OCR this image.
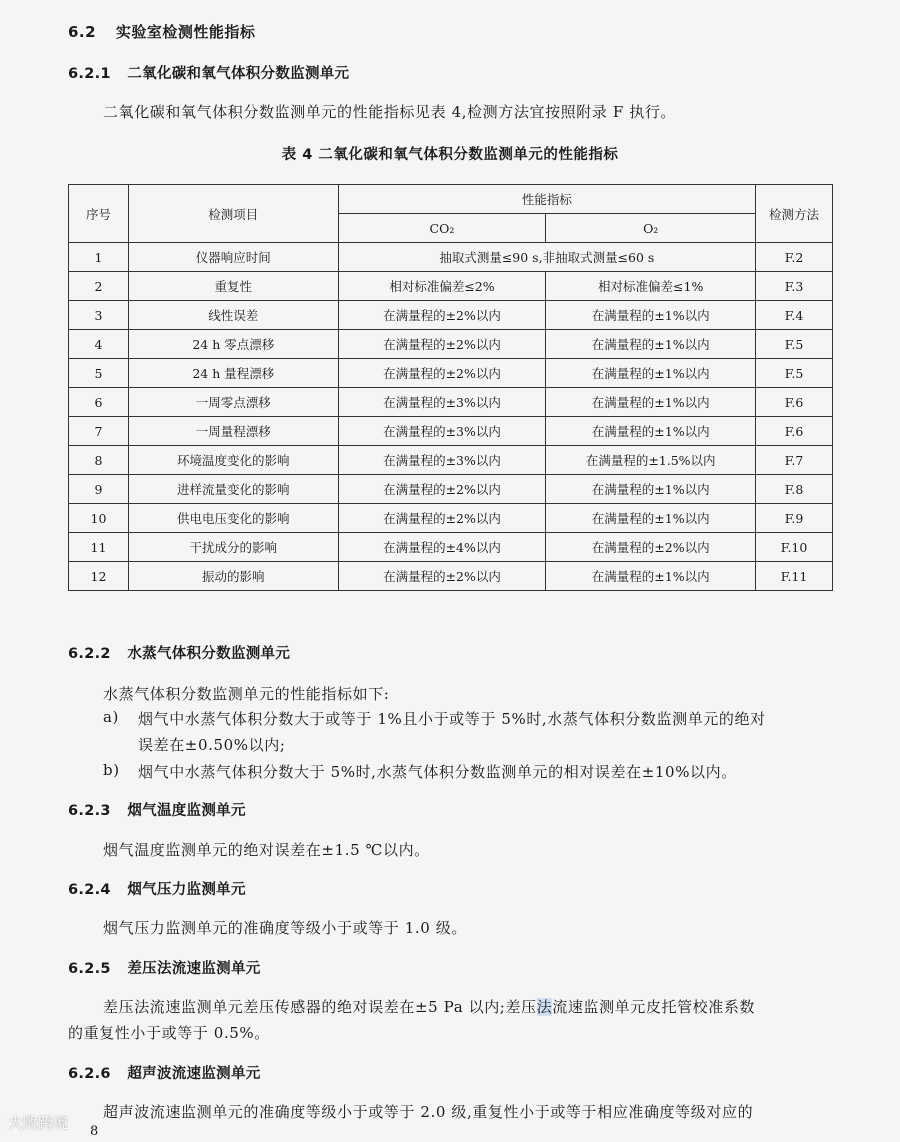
6.2 实验室检测性能指标
6.2.1 二氧化碳和氧气体积分数监测单元
二氧化碳和氧气体积分数监测单元的性能指标见表 4,检测方法宜按照附录 F 执行。
表 4 二氧化碳和氧气体积分数监测单元的性能指标
序号	检测项目	性能指标		检测方法
		CO₂	O₂	
1	仪器响应时间	抽取式测量≤90 s,非抽取式测量≤60 s		F.2
2	重复性	相对标准偏差≤2%	相对标准偏差≤1%	F.3
3	线性误差	在满量程的±2%以内	在满量程的±1%以内	F.4
4	24 h 零点漂移	在满量程的±2%以内	在满量程的±1%以内	F.5
5	24 h 量程漂移	在满量程的±2%以内	在满量程的±1%以内	F.5
6	一周零点漂移	在满量程的±3%以内	在满量程的±1%以内	F.6
7	一周量程漂移	在满量程的±3%以内	在满量程的±1%以内	F.6
8	环境温度变化的影响	在满量程的±3%以内	在满量程的±1.5%以内	F.7
9	进样流量变化的影响	在满量程的±2%以内	在满量程的±1%以内	F.8
10	供电电压变化的影响	在满量程的±2%以内	在满量程的±1%以内	F.9
11	干扰成分的影响	在满量程的±4%以内	在满量程的±2%以内	F.10
12	振动的影响	在满量程的±2%以内	在满量程的±1%以内	F.11
6.2.2 水蒸气体积分数监测单元
水蒸气体积分数监测单元的性能指标如下:
a) 烟气中水蒸气体积分数大于或等于 1%且小于或等于 5%时,水蒸气体积分数监测单元的绝对
误差在±0.50%以内;
b) 烟气中水蒸气体积分数大于 5%时,水蒸气体积分数监测单元的相对误差在±10%以内。
6.2.3 烟气温度监测单元
烟气温度监测单元的绝对误差在±1.5 ℃以内。
6.2.4 烟气压力监测单元
烟气压力监测单元的准确度等级小于或等于 1.0 级。
6.2.5 差压法流速监测单元
差压法流速监测单元差压传感器的绝对误差在±5 Pa 以内;差压法流速监测单元皮托管校准系数
的重复性小于或等于 0.5%。
6.2.6 超声波流速监测单元
超声波流速监测单元的准确度等级小于或等于 2.0 级,重复性小于或等于相应准确度等级对应的
大败跨境 8
